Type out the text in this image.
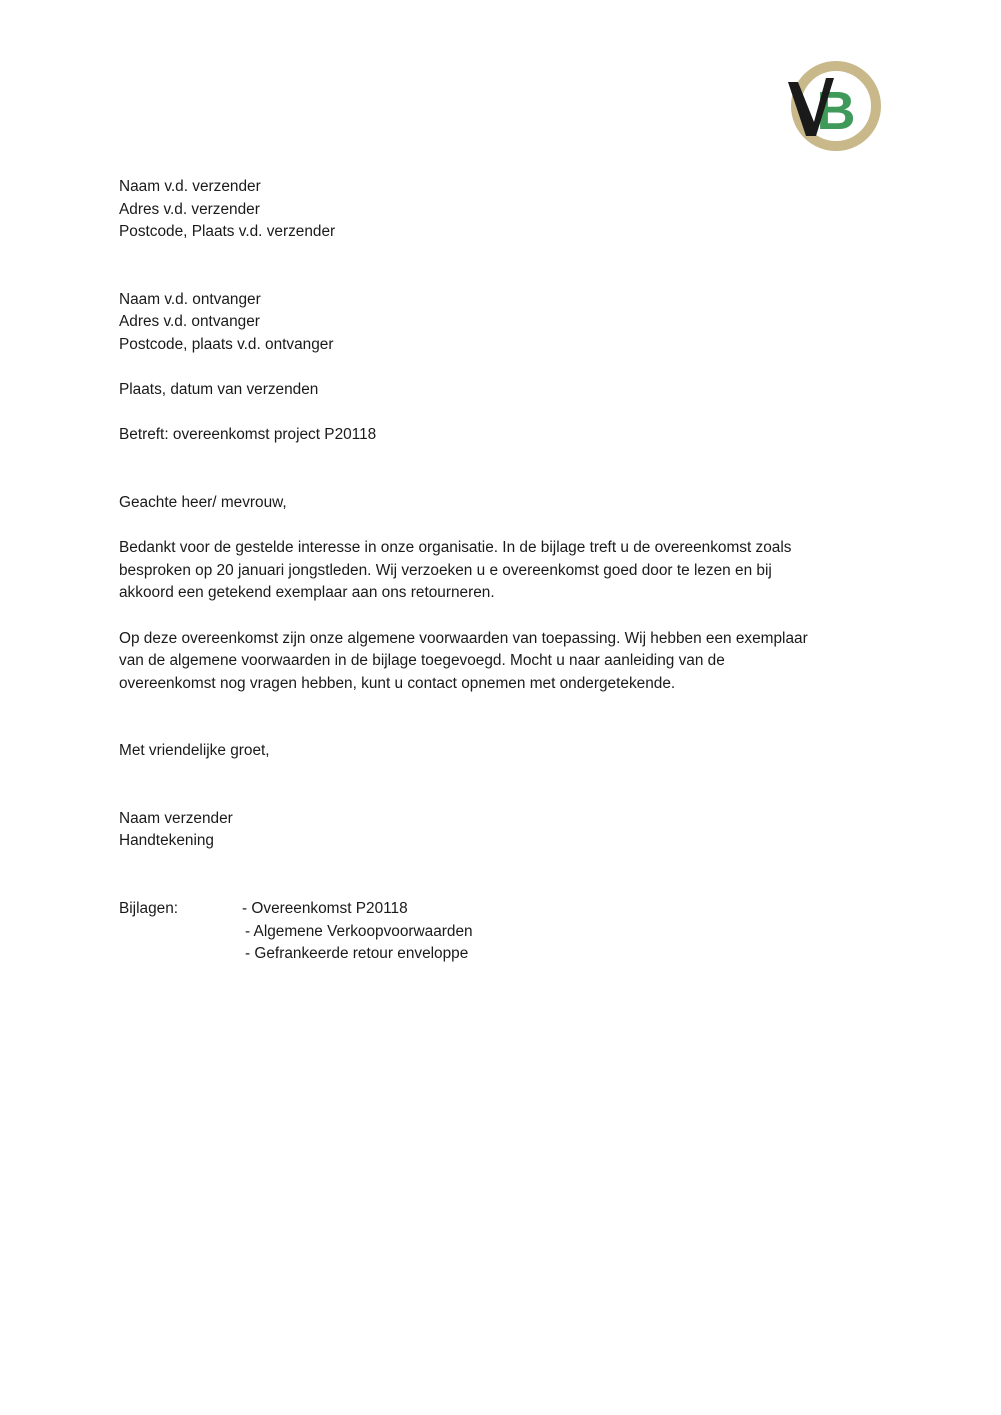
B
Naam v.d. verzender
Adres v.d. verzender
Postcode, Plaats v.d. verzender
Naam v.d. ontvanger
Adres v.d. ontvanger
Postcode, plaats v.d. ontvanger
Plaats, datum van verzenden
Betreft: overeenkomst project P20118
Geachte heer/ mevrouw,
Bedankt voor de gestelde interesse in onze organisatie. In de bijlage treft u de overeenkomst zoals
besproken op 20 januari jongstleden. Wij verzoeken u e overeenkomst goed door te lezen en bij
akkoord een getekend exemplaar aan ons retourneren.
Op deze overeenkomst zijn onze algemene voorwaarden van toepassing. Wij hebben een exemplaar
van de algemene voorwaarden in de bijlage toegevoegd. Mocht u naar aanleiding van de
overeenkomst nog vragen hebben, kunt u contact opnemen met ondergetekende.
Met vriendelijke groet,
Naam verzender
Handtekening
Bijlagen:	- Overeenkomst P20118
- Algemene Verkoopvoorwaarden
- Gefrankeerde retour enveloppe
